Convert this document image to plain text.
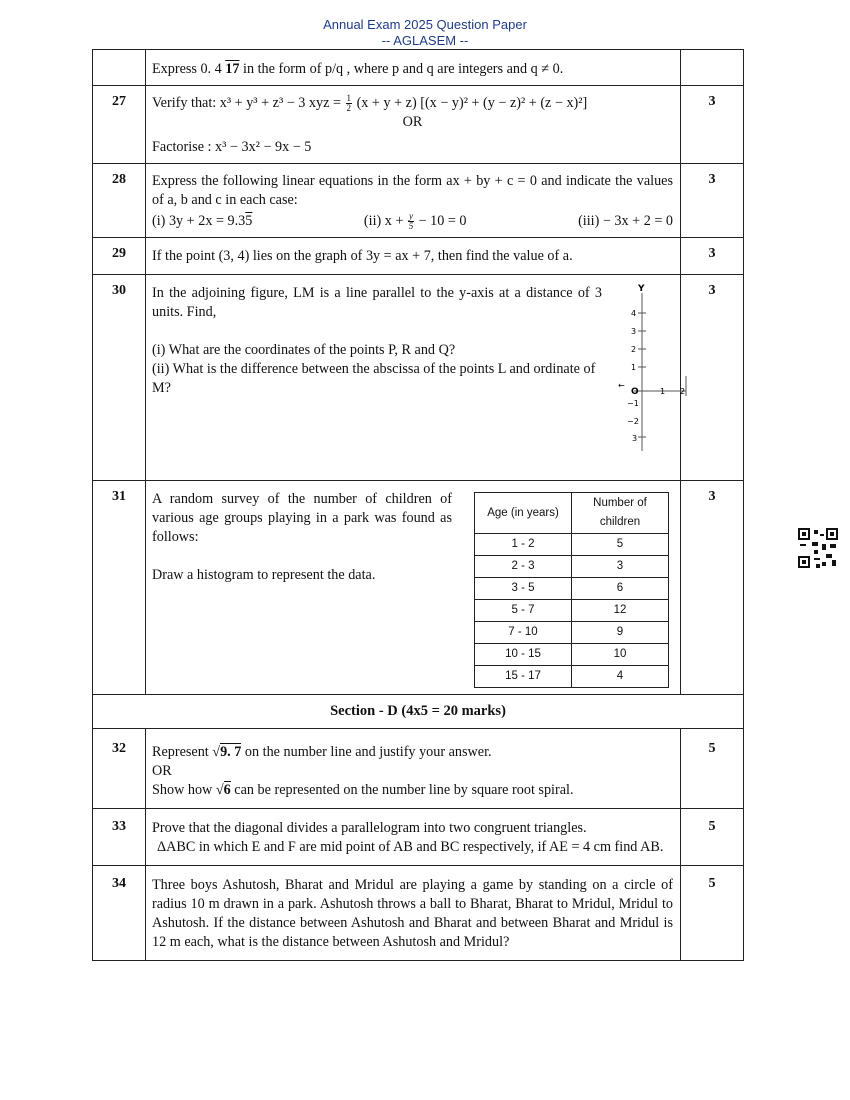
Annual Exam 2025 Question Paper
-- AGLASEM --
	Express 0. 4 17 in the form of p/q , where p and q are integers and q ≠ 0.	
27	Verify that: x³ + y³ + z³ − 3 xyz = $\frac{1}{2} (x + y + z) [(x - y)^2 + (y - z)^2 + (z - x)^2]$
OR
Factorise : x³ − 3x² − 9x − 5
	3
28	Express the following linear equations in the form ax + by + c = 0 and indicate the values of a, b and c in each case:
(i) 3y + 2x = 9.35	(ii) $x + \frac{y}{5} - 10 = 0$	(iii) − 3x + 2 = 0
	3
29	If the point (3, 4) lies on the graph of 3y = ax + 7, then find the value of a.	3
30	In the adjoining figure, LM is a line parallel to the y-axis at a distance of 3 units. Find,
(i) What are the coordinates of the points P, R and Q?
(ii) What is the difference between the abscissa of the points L and ordinate of M?
Y
4
3
2
1
O
−1
−2
3
1 2
←
	3
31	A random survey of the number of children of various age groups playing in a park was found as follows:
Draw a histogram to represent the data.
Age (in years)	Number of children
1 - 2	5
2 - 3	3
3 - 5	6
5 - 7	12
7 - 10	9
10 - 15	10
15 - 17	4
	3
Section - D (4x5 = 20 marks)
32	Represent √9. 7 on the number line and justify your answer.
OR
Show how √6 can be represented on the number line by square root spiral.
	5
33	Prove that the diagonal divides a parallelogram into two congruent triangles.
ΔABC in which E and F are mid point of AB and BC respectively, if AE = 4 cm find AB.
	5
34	Three boys Ashutosh, Bharat and Mridul are playing a game by standing on a circle of radius 10 m drawn in a park. Ashutosh throws a ball to Bharat, Bharat to Mridul, Mridul to Ashutosh. If the distance between Ashutosh and Bharat and between Bharat and Mridul is 12 m each, what is the distance between Ashutosh and Mridul?	5
